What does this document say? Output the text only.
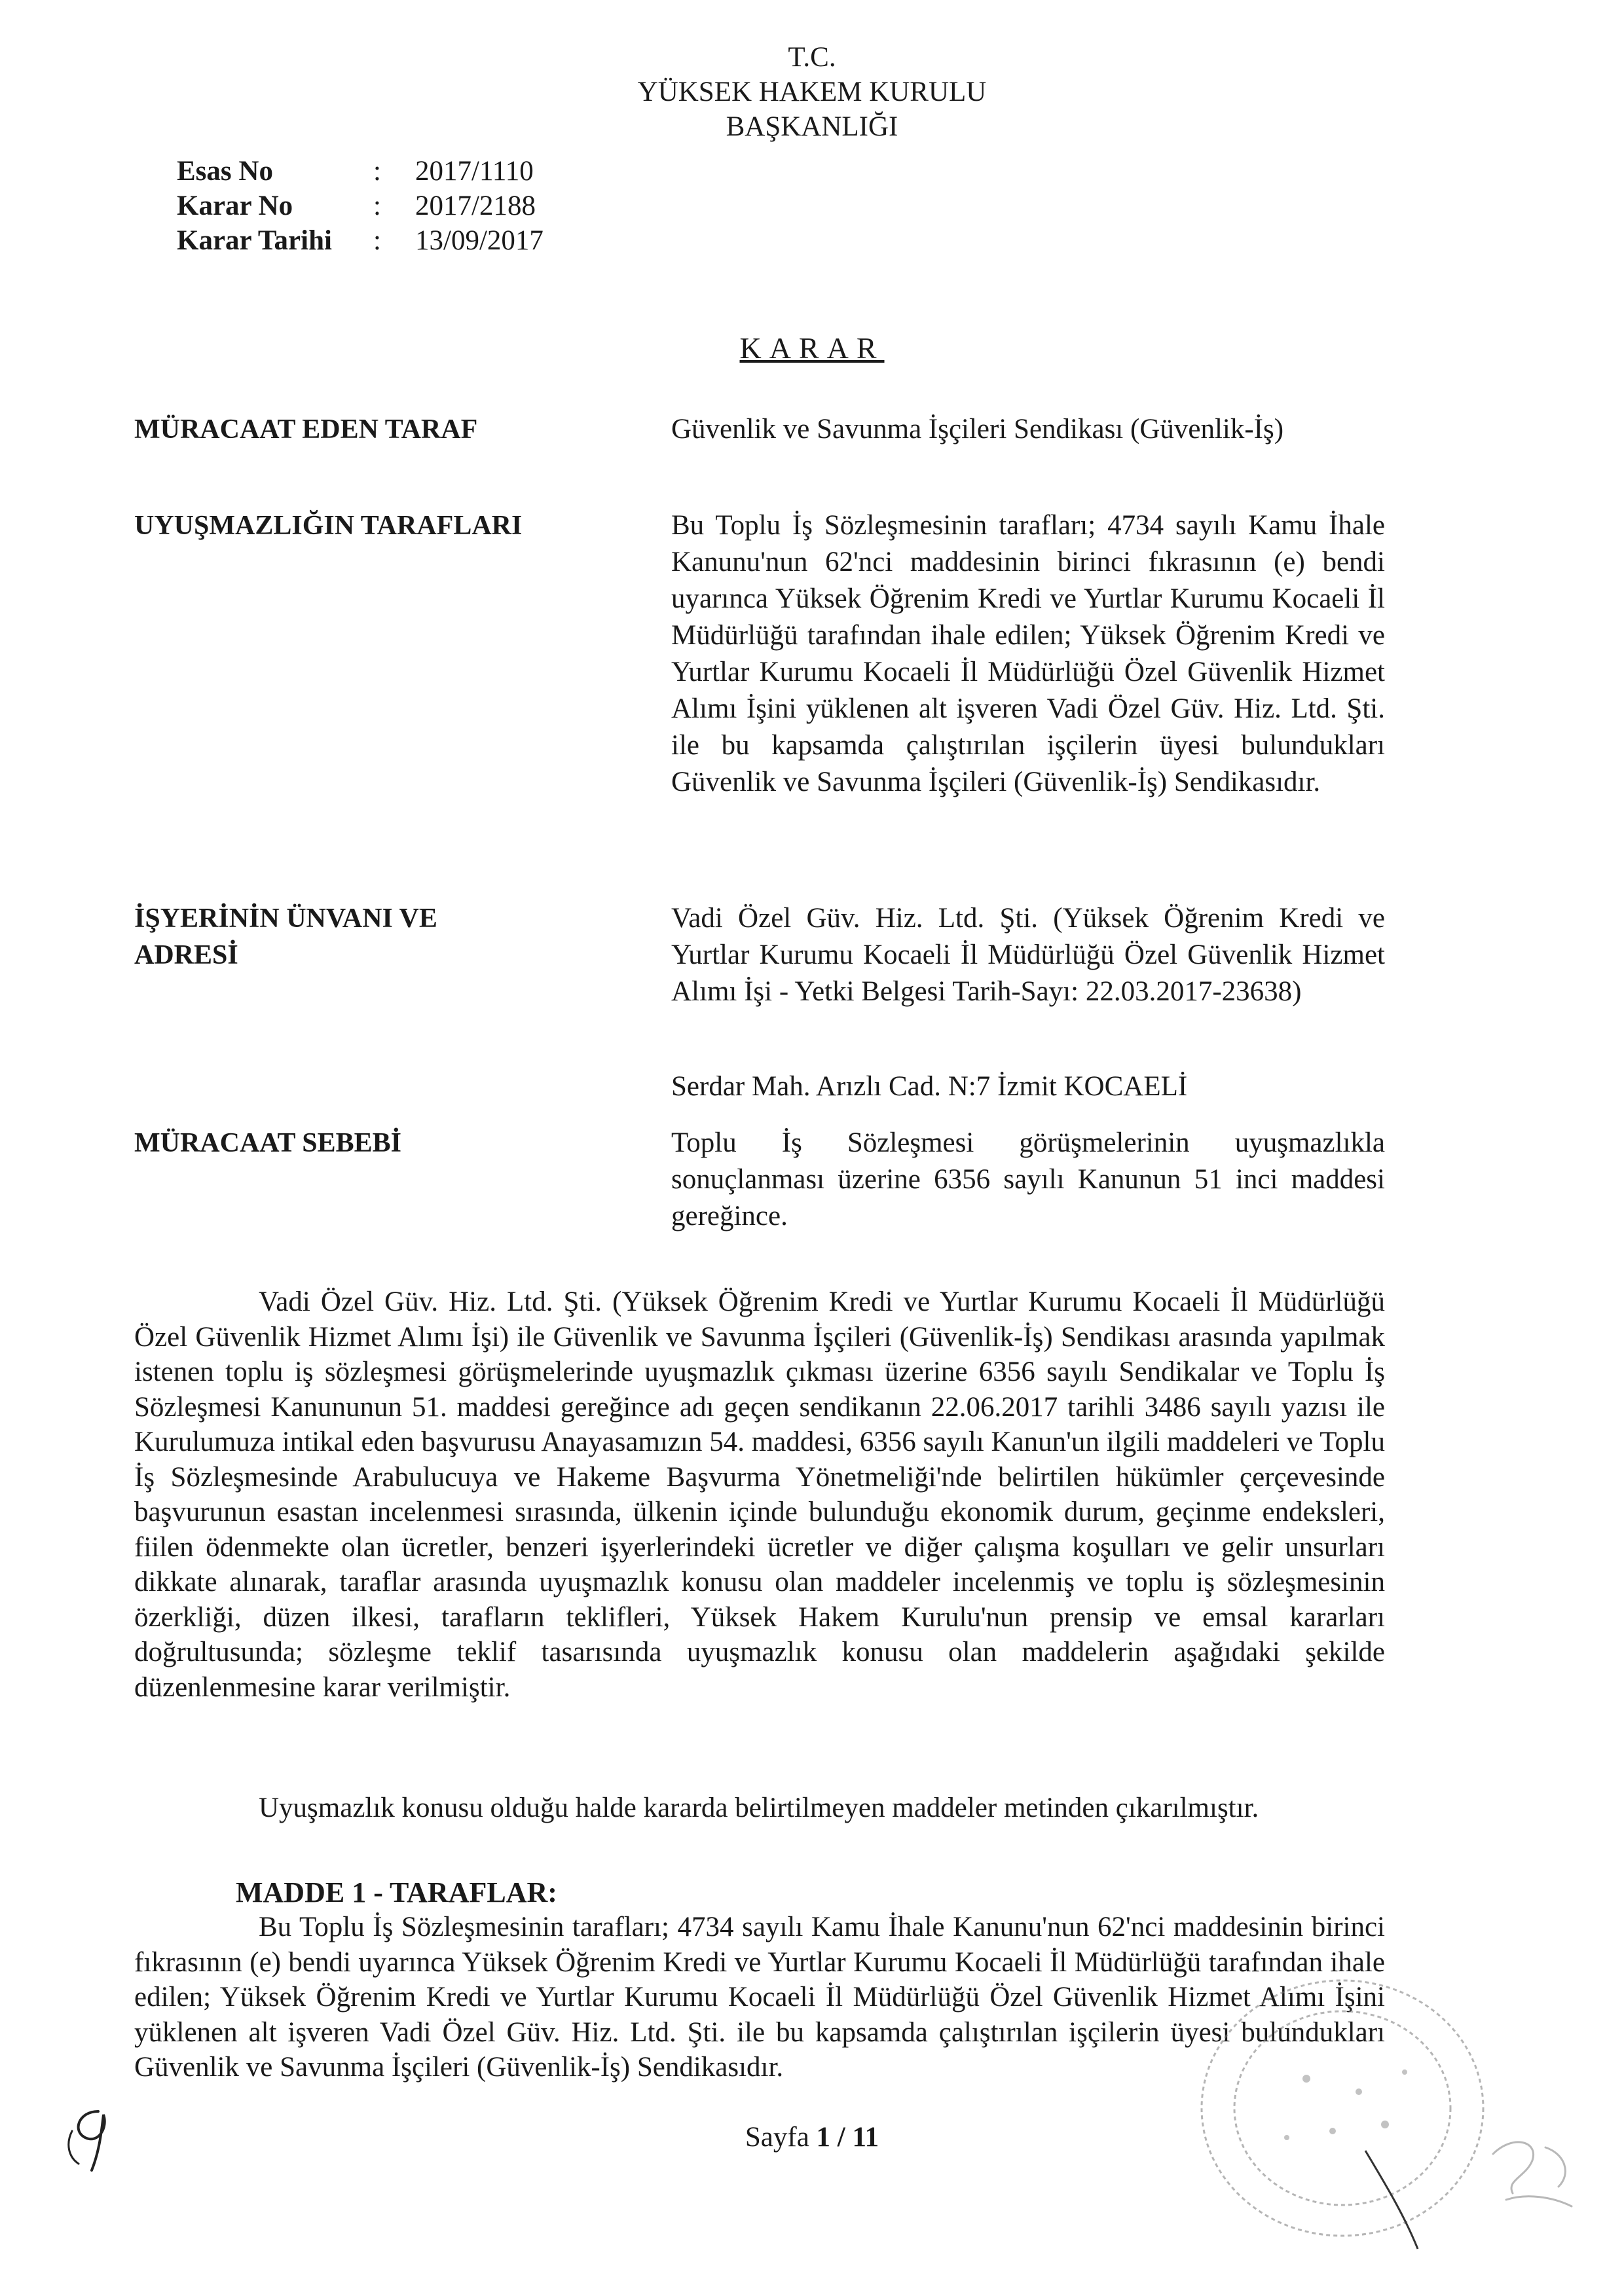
T.C.
YÜKSEK HAKEM KURULU
BAŞKANLIĞI
Esas No	: 2017/1110
Karar No	: 2017/2188
Karar Tarihi : 13/09/2017
KARAR
MÜRACAAT EDEN TARAF	Güvenlik ve Savunma İşçileri Sendikası (Güvenlik-İş)
UYUŞMAZLIĞIN TARAFLARI	Bu Toplu İş Sözleşmesinin tarafları; 4734 sayılı Kamu İhale Kanunu'nun 62'nci maddesinin birinci fıkrasının (e) bendi uyarınca Yüksek Öğrenim Kredi ve Yurtlar Kurumu Kocaeli İl Müdürlüğü tarafından ihale edilen; Yüksek Öğrenim Kredi ve Yurtlar Kurumu Kocaeli İl Müdürlüğü Özel Güvenlik Hizmet Alımı İşini yüklenen alt işveren Vadi Özel Güv. Hiz. Ltd. Şti. ile bu kapsamda çalıştırılan işçilerin üyesi bulundukları Güvenlik ve Savunma İşçileri (Güvenlik-İş) Sendikasıdır.
İŞYERİNİN ÜNVANI VE
ADRESİ
Vadi Özel Güv. Hiz. Ltd. Şti. (Yüksek Öğrenim Kredi ve Yurtlar Kurumu Kocaeli İl Müdürlüğü Özel Güvenlik Hizmet Alımı İşi - Yetki Belgesi Tarih-Sayı: 22.03.2017-23638)
Serdar Mah. Arızlı Cad. N:7 İzmit KOCAELİ
MÜRACAAT SEBEBİ	Toplu İş Sözleşmesi görüşmelerinin uyuşmazlıkla sonuçlanması üzerine 6356 sayılı Kanunun 51 inci maddesi gereğince.
Vadi Özel Güv. Hiz. Ltd. Şti. (Yüksek Öğrenim Kredi ve Yurtlar Kurumu Kocaeli İl Müdürlüğü Özel Güvenlik Hizmet Alımı İşi) ile Güvenlik ve Savunma İşçileri (Güvenlik-İş) Sendikası arasında yapılmak istenen toplu iş sözleşmesi görüşmelerinde uyuşmazlık çıkması üzerine 6356 sayılı Sendikalar ve Toplu İş Sözleşmesi Kanununun 51. maddesi gereğince adı geçen sendikanın 22.06.2017 tarihli 3486 sayılı yazısı ile Kurulumuza intikal eden başvurusu Anayasamızın 54. maddesi, 6356 sayılı Kanun'un ilgili maddeleri ve Toplu İş Sözleşmesinde Arabulucuya ve Hakeme Başvurma Yönetmeliği'nde belirtilen hükümler çerçevesinde başvurunun esastan incelenmesi sırasında, ülkenin içinde bulunduğu ekonomik durum, geçinme endeksleri, fiilen ödenmekte olan ücretler, benzeri işyerlerindeki ücretler ve diğer çalışma koşulları ve gelir unsurları dikkate alınarak, taraflar arasında uyuşmazlık konusu olan maddeler incelenmiş ve toplu iş sözleşmesinin özerkliği, düzen ilkesi, tarafların teklifleri, Yüksek Hakem Kurulu'nun prensip ve emsal kararları doğrultusunda; sözleşme teklif tasarısında uyuşmazlık konusu olan maddelerin aşağıdaki şekilde düzenlenmesine karar verilmiştir.
Uyuşmazlık konusu olduğu halde kararda belirtilmeyen maddeler metinden çıkarılmıştır.
MADDE 1 - TARAFLAR:
Bu Toplu İş Sözleşmesinin tarafları; 4734 sayılı Kamu İhale Kanunu'nun 62'nci maddesinin birinci fıkrasının (e) bendi uyarınca Yüksek Öğrenim Kredi ve Yurtlar Kurumu Kocaeli İl Müdürlüğü tarafından ihale edilen; Yüksek Öğrenim Kredi ve Yurtlar Kurumu Kocaeli İl Müdürlüğü Özel Güvenlik Hizmet Alımı İşini yüklenen alt işveren Vadi Özel Güv. Hiz. Ltd. Şti. ile bu kapsamda çalıştırılan işçilerin üyesi bulundukları Güvenlik ve Savunma İşçileri (Güvenlik-İş) Sendikasıdır.
Sayfa 1 / 11
